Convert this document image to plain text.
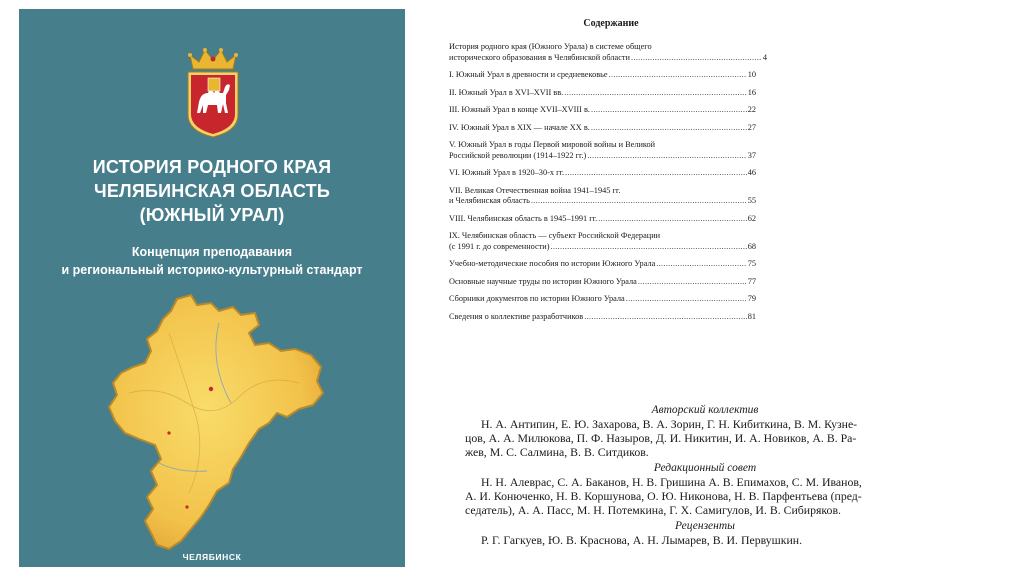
ИСТОРИЯ РОДНОГО КРАЯ
ЧЕЛЯБИНСКАЯ ОБЛАСТЬ
(ЮЖНЫЙ УРАЛ)
Концепция преподавания
и региональный историко-культурный стандарт
ЧЕЛЯБИНСК
Содержание
История родного края (Южного Урала) в системе общего
исторического образования в Челябинской области .....	4
I. Южный Урал в древности и средневековье .....	10
II. Южный Урал в XVI–XVII вв. .....	16
III. Южный Урал в конце XVII–XVIII в. .....	22
IV. Южный Урал в XIX — начале XX в. .....	27
V. Южный Урал в годы Первой мировой войны и Великой
Российской революции (1914–1922 гг.) .....	37
VI. Южный Урал в 1920–30-х гг. .....	46
VII. Великая Отечественная война 1941–1945 гг.
и Челябинская область .....	55
VIII. Челябинская область в 1945–1991 гг. .....	62
IX. Челябинская область — субъект Российской Федерации
(с 1991 г. до современности) .....	68
Учебно-методические пособия по истории Южного Урала .....	75
Основные научные труды по истории Южного Урала .....	77
Сборники документов по истории Южного Урала .....	79
Сведения о коллективе разработчиков .....	81
Авторский коллектив
Н. А. Антипин, Е. Ю. Захарова, В. А. Зорин, Г. Н. Кибиткина, В. М. Кузне-
цов, А. А. Милюкова, П. Ф. Назыров, Д. И. Никитин, И. А. Новиков, А. В. Ра-
жев, М. С. Салмина, В. В. Ситдиков.
Редакционный совет
Н. Н. Алеврас, С. А. Баканов, Н. В. Гришина А. В. Епимахов, С. М. Иванов,
А. И. Конюченко, Н. В. Коршунова, О. Ю. Никонова, Н. В. Парфентьева (пред-
седатель), А. А. Пасс, М. Н. Потемкина, Г. Х. Самигулов, И. В. Сибиряков.
Рецензенты
Р. Г. Гагкуев, Ю. В. Краснова, А. Н. Лымарев, В. И. Первушкин.
